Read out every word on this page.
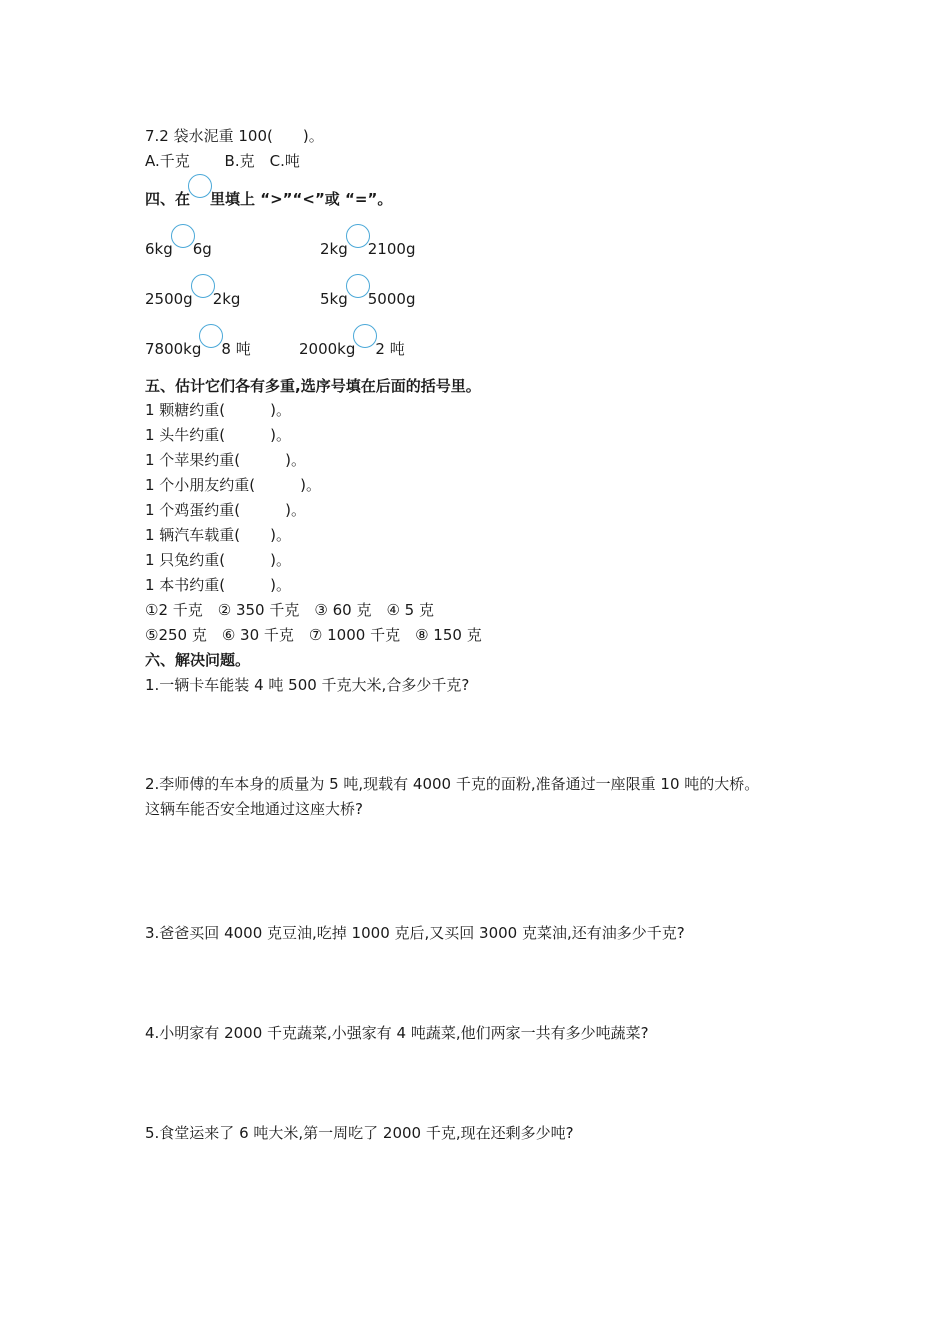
7.2 袋水泥重 100(　　)。
A.千克　　 B.克　C.吨
四、在 里填上 “>”“<”或 “=”。
6kg 6g	2kg 2100g
2500g 2kg	5kg 5000g
7800kg 8 吨	2000kg 2 吨
五、估计它们各有多重,选序号填在后面的括号里。
1 颗糖约重(　　　)。
1 头牛约重(　　　)。
1 个苹果约重(　　　)。
1 个小朋友约重(　　　)。
1 个鸡蛋约重(　　　)。
1 辆汽车载重(　　)。
1 只兔约重(　　　)。
1 本书约重(　　　)。
①2 千克　② 350 千克　③ 60 克　④ 5 克
⑤250 克　⑥ 30 千克　⑦ 1000 千克　⑧ 150 克
六、解决问题。
1.一辆卡车能装 4 吨 500 千克大米,合多少千克?
2.李师傅的车本身的质量为 5 吨,现载有 4000 千克的面粉,准备通过一座限重 10 吨的大桥。
这辆车能否安全地通过这座大桥?
3.爸爸买回 4000 克豆油,吃掉 1000 克后,又买回 3000 克菜油,还有油多少千克?
4.小明家有 2000 千克蔬菜,小强家有 4 吨蔬菜,他们两家一共有多少吨蔬菜?
5.食堂运来了 6 吨大米,第一周吃了 2000 千克,现在还剩多少吨?
